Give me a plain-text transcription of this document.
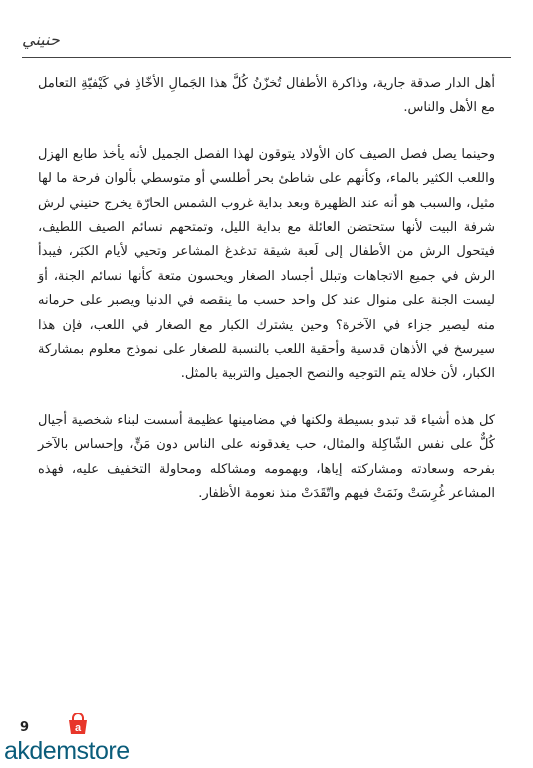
حنيني

أهل الدار صدقة جارية، وذاكرة الأطفال تُخزّنُ كُلَّ هذا الجَمالِ الأخّاذِ في كَيْفيّةِ التعامل مع الأهل والناس.

وحينما يصل فصل الصيف كان الأولاد يتوقون لهذا الفصل الجميل لأنه يأخذ طابع الهزل واللعب الكثير بالماء، وكأنهم على شاطئ بحر أطلسي أو متوسطي بألوان فرحة ما لها مثيل، والسبب هو أنه عند الظهيرة وبعد بداية غروب الشمس الحارّة يخرج حنيني لرش شرفة البيت لأنها ستحتضن العائلة مع بداية الليل، وتمتحهم نسائم الصيف اللطيف، فيتحول الرش من الأطفال إلى لَعبة شيقة تدغدغ المشاعر وتحيي لأيام الكبَر، فيبدأ الرش في جميع الاتجاهات وتبلل أجساد الصغار ويحسون متعة كأنها نسائم الجنة، أوَ ليست الجنة على منوال عند كل واحد حسب ما ينقصه في الدنيا ويصبر على حرمانه منه ليصير جزاء في الآخرة؟ وحين يشترك الكبار مع الصغار في اللعب، فإن هذا سيرسخ في الأذهان قدسية وأحقية اللعب بالنسبة للصغار على نموذج معلوم بمشاركة الكبار، لأن خلاله يتم التوجيه والنصح الجميل والتربية بالمثل.

كل هذه أشياء قد تبدو بسيطة ولكنها في مضامينها عظيمة أسست لبناء شخصية أجيال كُلٌّ على نفس الشّاكِلة والمثال، حب يغدقونه على الناس دون مَنٍّ، وإحساس بالآخر بفرحه وسعادته ومشاركته إياها، وبهمومه ومشاكله ومحاولة التخفيف عليه، فهذه المشاعر غُرِسَتْ ونَمَتْ فيهم واتّقَدَتْ منذ نعومة الأظفار.

9	a
akdemstore
